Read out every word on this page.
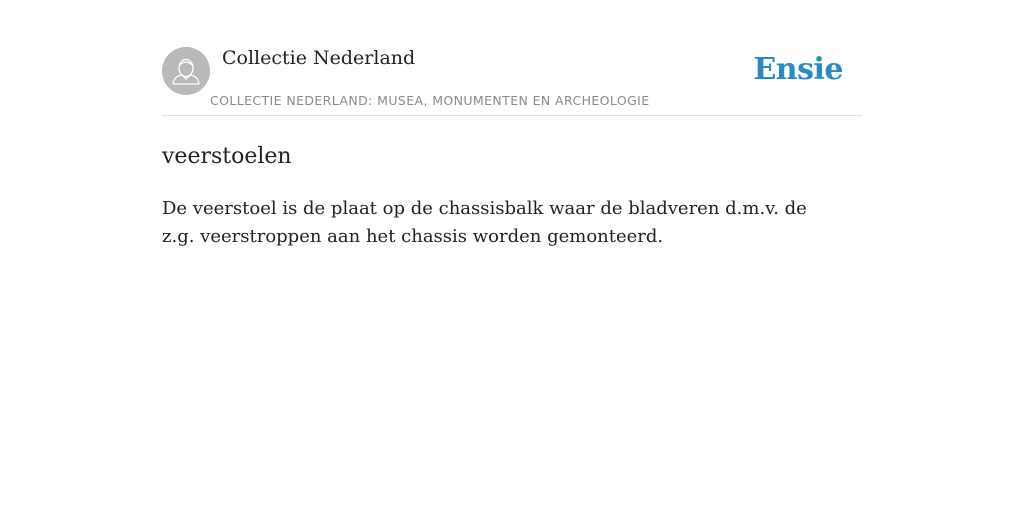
Collectie Nederland
COLLECTIE NEDERLAND: MUSEA, MONUMENTEN EN ARCHEOLOGIE
Ensie
veerstoelen

De veerstoel is de plaat op de chassisbalk waar de bladveren d.m.v. de z.g. veerstroppen aan het chassis worden gemonteerd.
